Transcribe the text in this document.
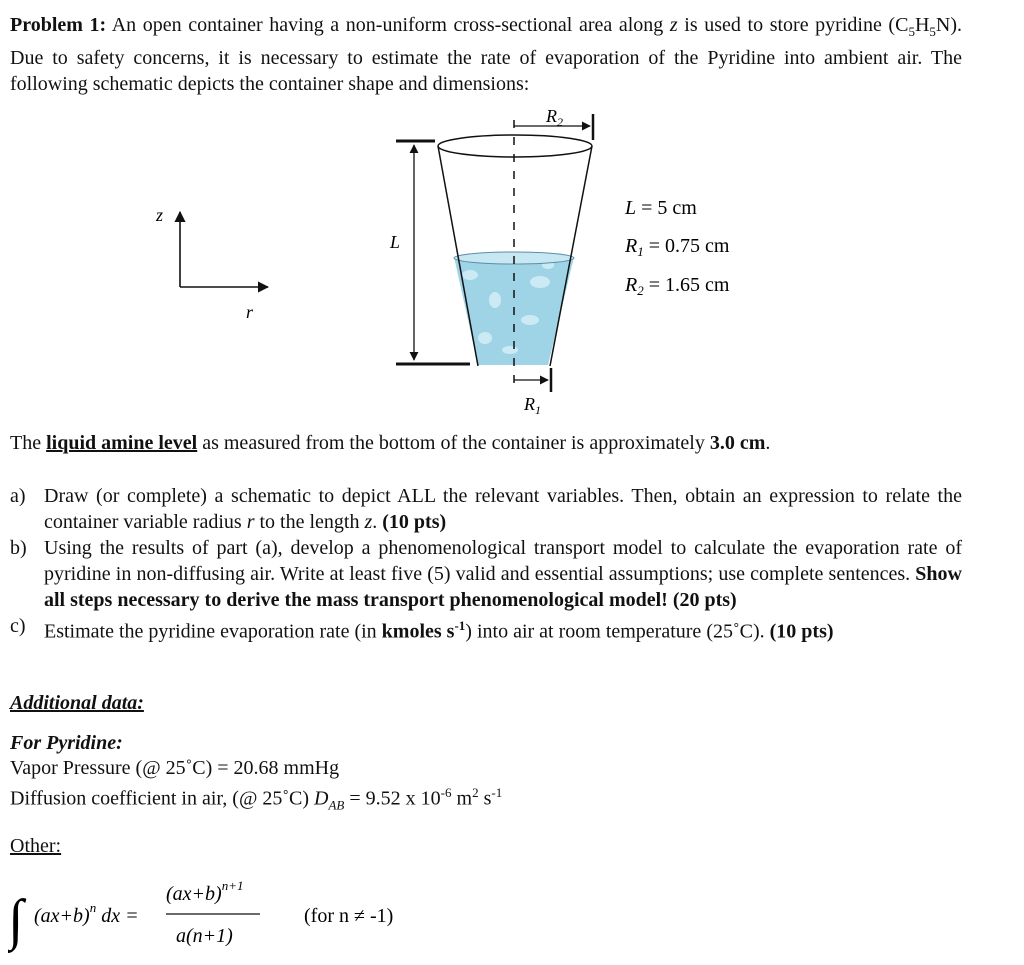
Problem 1: An open container having a non-uniform cross-sectional area along z is used to store pyridine $(C_5H_5N)$. Due to safety concerns, it is necessary to estimate the rate of evaporation of the Pyridine into ambient air. The following schematic depicts the container shape and dimensions:
z
r
L
$R_2$
$R_1$
L = 5 cm
$R_1 = 0.75$ cm
$R_2 = 1.65$ cm
The liquid amine level as measured from the bottom of the container is approximately 3.0 cm.
a) Draw (or complete) a schematic to depict ALL the relevant variables. Then, obtain an expression to relate the container variable radius r to the length z. (10 pts)
b) Using the results of part (a), develop a phenomenological transport model to calculate the evaporation rate of pyridine in non-diffusing air. Write at least five (5) valid and essential assumptions; use complete sentences. Show all steps necessary to derive the mass transport phenomenological model! (20 pts)
c) Estimate the pyridine evaporation rate (in kmoles $s^{-1}$) into air at room temperature (25˚C). (10 pts)
Additional data:
For Pyridine:
Vapor Pressure (@ 25˚C) = 20.68 mmHg
Diffusion coefficient in air, (@ 25˚C) $D_{AB} = 9.52$ x $10^{-6}$ $m^2$ $s^{-1}$
Other:
∫ $(ax+b)^n$ dx =
$(ax+b)^{n+1}$
a(n+1)
(for n ≠ -1)
